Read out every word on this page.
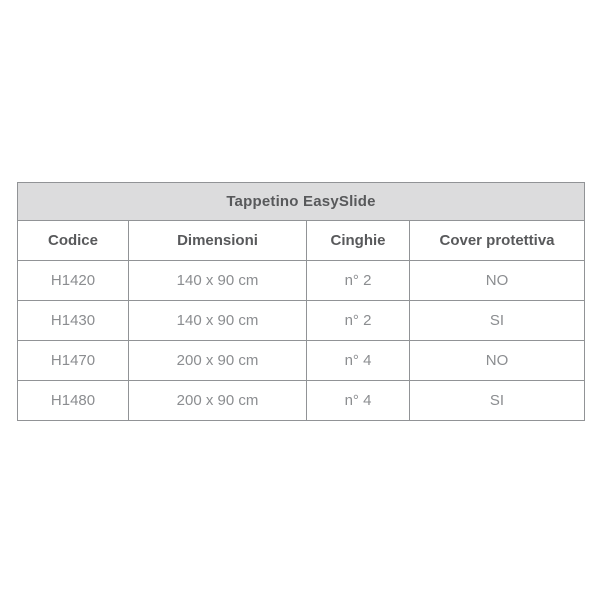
Tappetino EasySlide			
Codice	Dimensioni	Cinghie	Cover protettiva
H1420	140 x 90 cm	n° 2	NO
H1430	140 x 90 cm	n° 2	SI
H1470	200 x 90 cm	n° 4	NO
H1480	200 x 90 cm	n° 4	SI
